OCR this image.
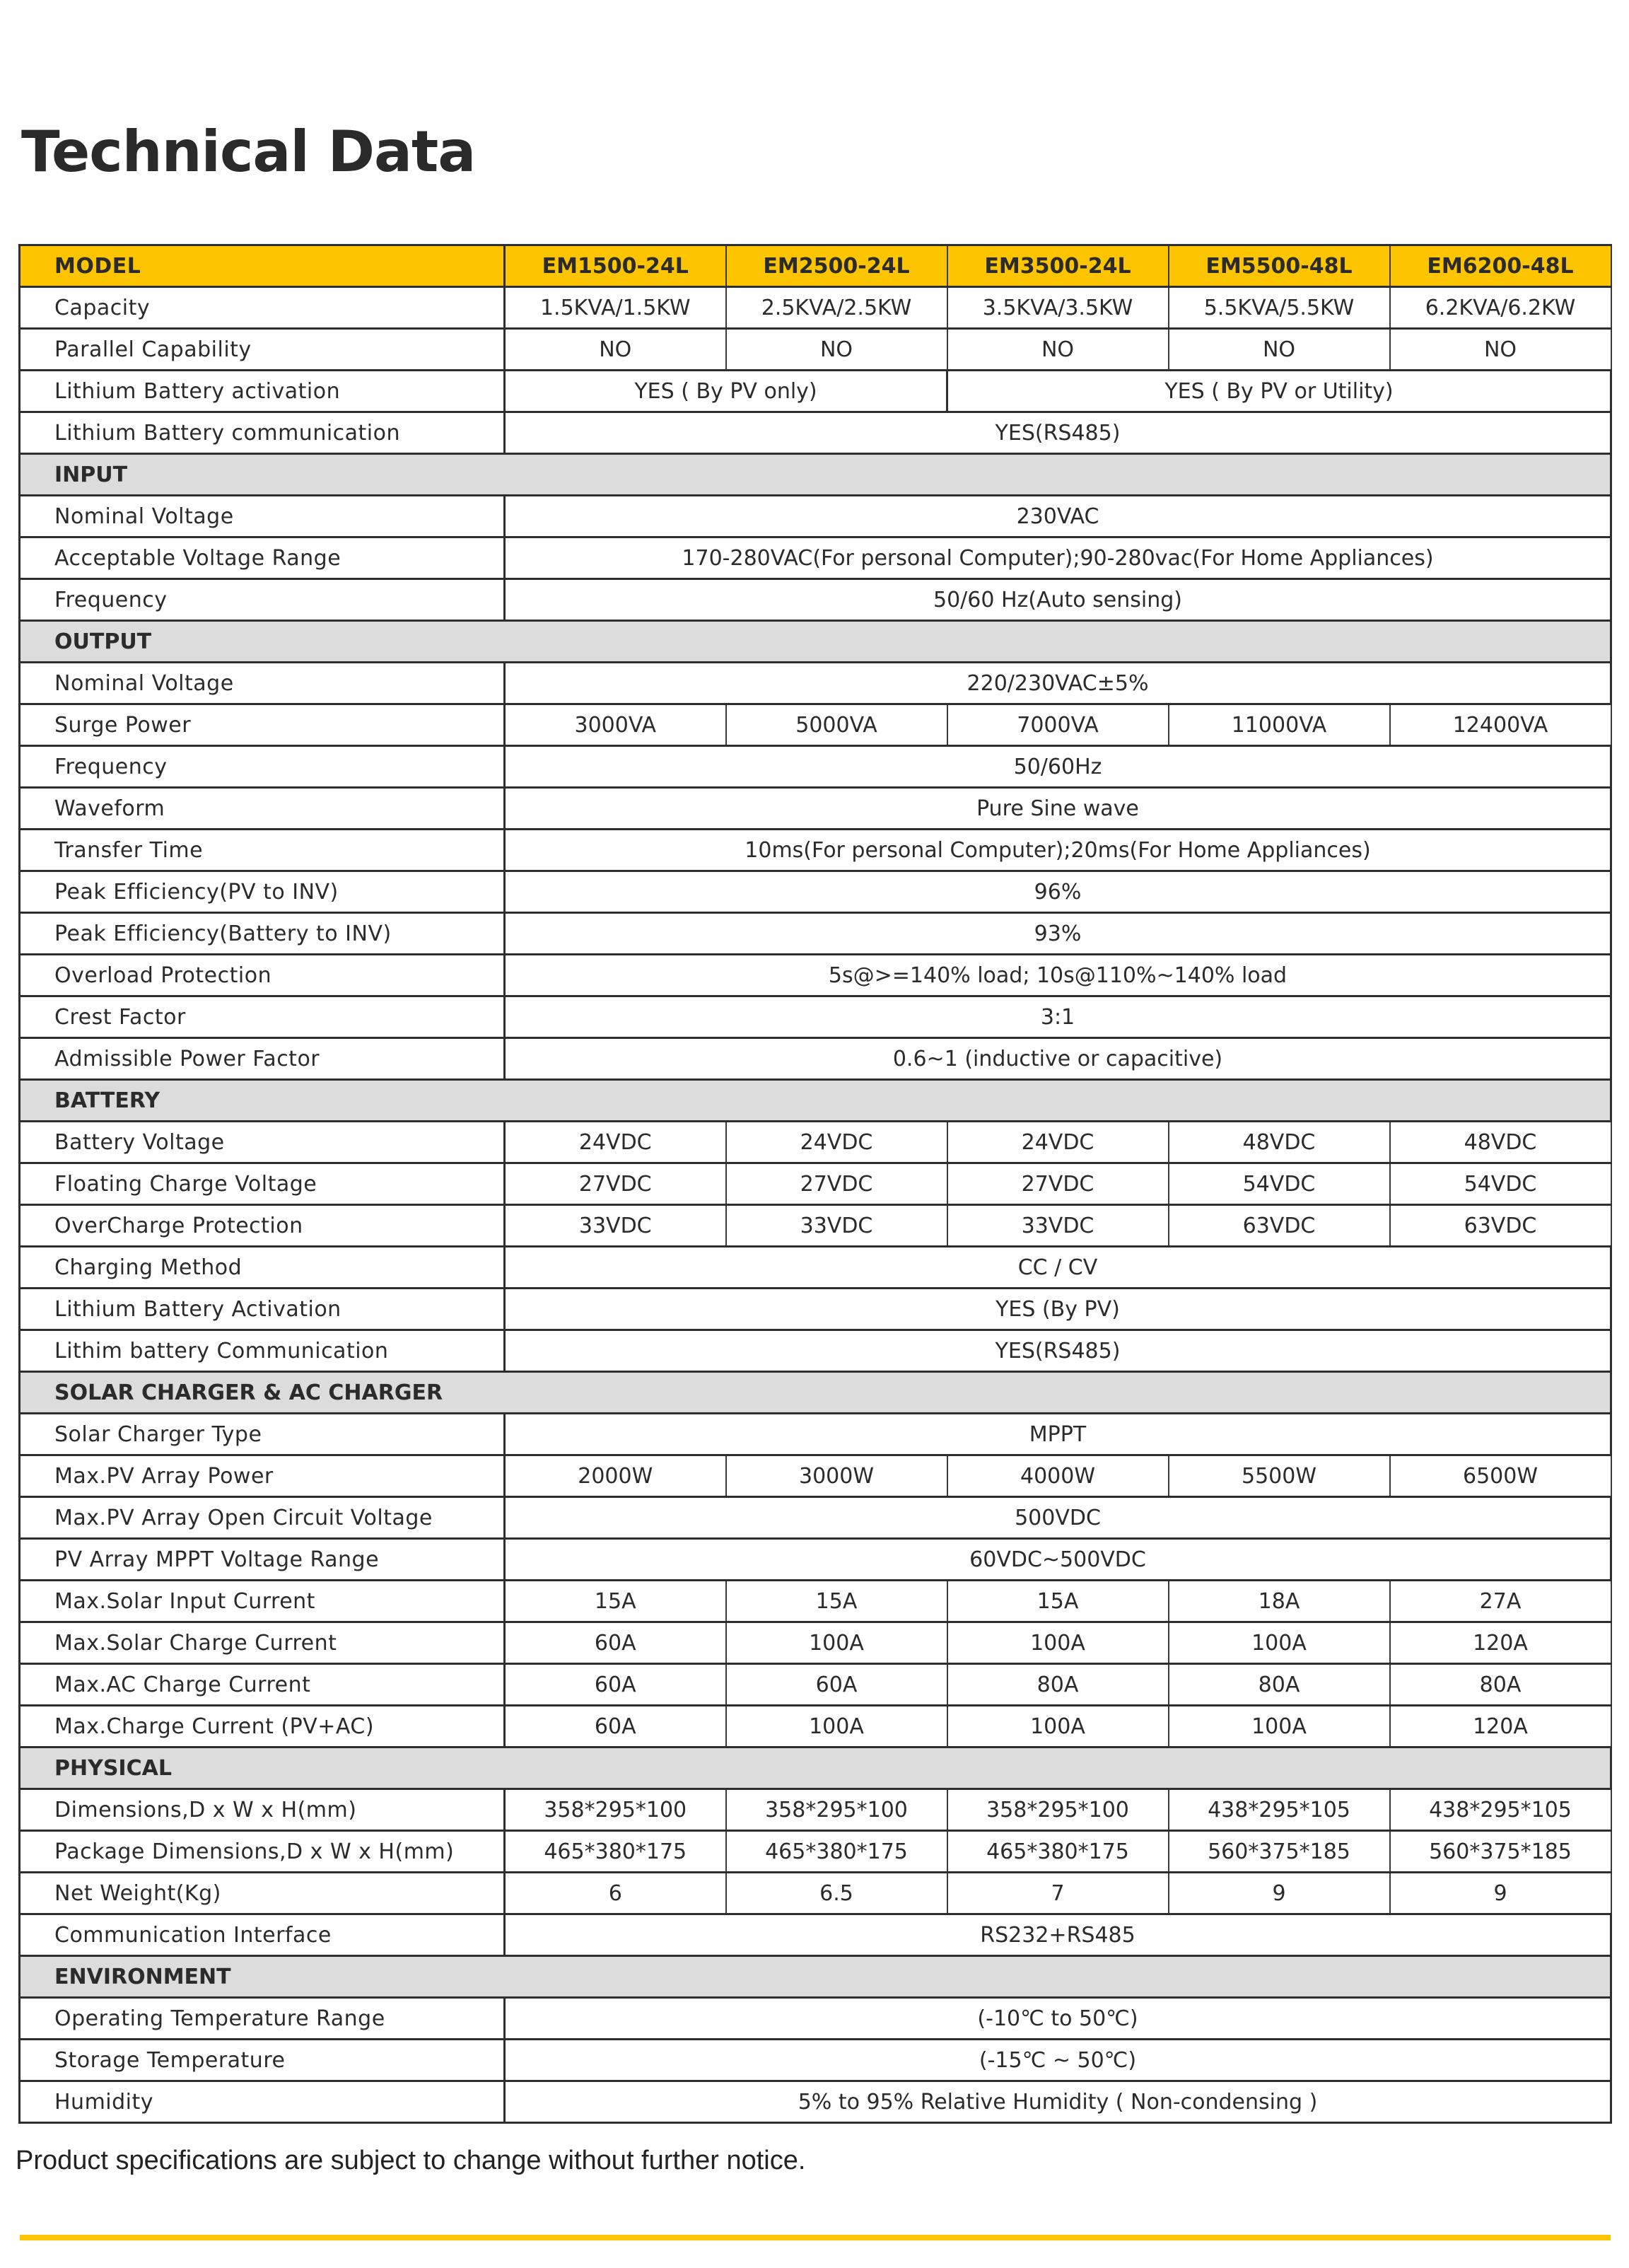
Technical Data
MODEL	EM1500-24L	EM2500-24L	EM3500-24L	EM5500-48L	EM6200-48L
Capacity	1.5KVA/1.5KW	2.5KVA/2.5KW	3.5KVA/3.5KW	5.5KVA/5.5KW	6.2KVA/6.2KW
Parallel Capability	NO	NO	NO	NO	NO
Lithium Battery activation	YES ( By PV only)		YES ( By PV or Utility)		
Lithium Battery communication	YES(RS485)				
INPUT					
Nominal Voltage	230VAC				
Acceptable Voltage Range	170-280VAC(For personal Computer);90-280vac(For Home Appliances)				
Frequency	50/60 Hz(Auto sensing)				
OUTPUT					
Nominal Voltage	220/230VAC±5%				
Surge Power	3000VA	5000VA	7000VA	11000VA	12400VA
Frequency	50/60Hz				
Waveform	Pure Sine wave				
Transfer Time	10ms(For personal Computer);20ms(For Home Appliances)				
Peak Efficiency(PV to INV)	96%				
Peak Efficiency(Battery to INV)	93%				
Overload Protection	5s@>=140% load; 10s@110%~140% load				
Crest Factor	3:1				
Admissible Power Factor	0.6~1 (inductive or capacitive)				
BATTERY					
Battery Voltage	24VDC	24VDC	24VDC	48VDC	48VDC
Floating Charge Voltage	27VDC	27VDC	27VDC	54VDC	54VDC
OverCharge Protection	33VDC	33VDC	33VDC	63VDC	63VDC
Charging Method	CC / CV				
Lithium Battery Activation	YES (By PV)				
Lithim battery Communication	YES(RS485)				
SOLAR CHARGER & AC CHARGER					
Solar Charger Type	MPPT				
Max.PV Array Power	2000W	3000W	4000W	5500W	6500W
Max.PV Array Open Circuit Voltage	500VDC				
PV Array MPPT Voltage Range	60VDC~500VDC				
Max.Solar Input Current	15A	15A	15A	18A	27A
Max.Solar Charge Current	60A	100A	100A	100A	120A
Max.AC Charge Current	60A	60A	80A	80A	80A
Max.Charge Current (PV+AC)	60A	100A	100A	100A	120A
PHYSICAL					
Dimensions,D x W x H(mm)	358*295*100	358*295*100	358*295*100	438*295*105	438*295*105
Package Dimensions,D x W x H(mm)	465*380*175	465*380*175	465*380*175	560*375*185	560*375*185
Net Weight(Kg)	6	6.5	7	9	9
Communication Interface	RS232+RS485				
ENVIRONMENT					
Operating Temperature Range	(-10℃ to 50℃)				
Storage Temperature	(-15℃ ~ 50℃)				
Humidity	5% to 95% Relative Humidity ( Non-condensing )				

Product specifications are subject to change without further notice.
